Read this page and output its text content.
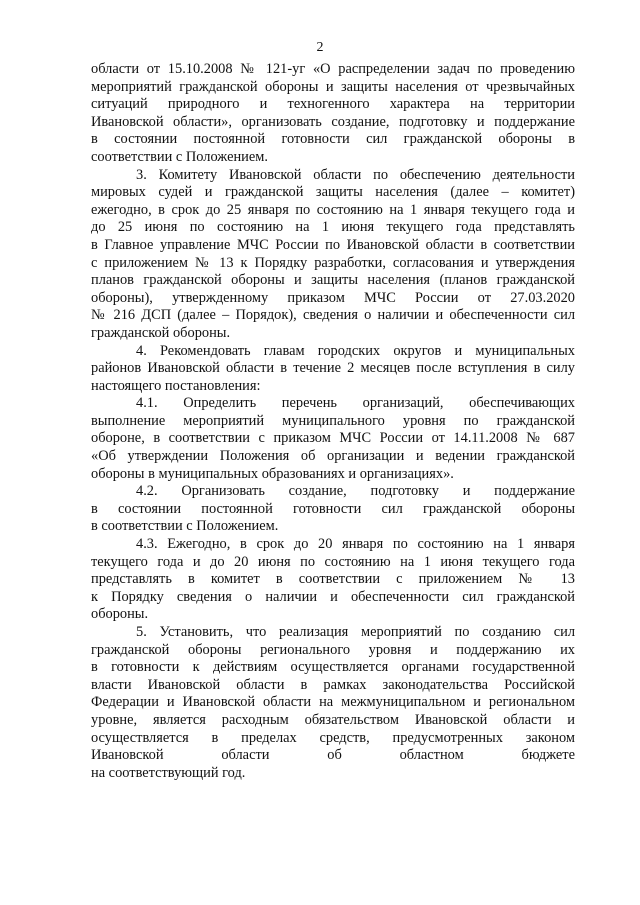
2
области от 15.10.2008 № 121-уг «О распределении задач по проведению
мероприятий гражданской обороны и защиты населения от чрезвычайных
ситуаций природного и техногенного характера на территории
Ивановской области», организовать создание, подготовку и поддержание
в состоянии постоянной готовности сил гражданской обороны в
соответствии с Положением.
3. Комитету Ивановской области по обеспечению деятельности
мировых судей и гражданской защиты населения (далее – комитет)
ежегодно, в срок до 25 января по состоянию на 1 января текущего года и
до 25 июня по состоянию на 1 июня текущего года представлять
в Главное управление МЧС России по Ивановской области в соответствии
с приложением № 13 к Порядку разработки, согласования и утверждения
планов гражданской обороны и защиты населения (планов гражданской
обороны), утвержденному приказом МЧС России от 27.03.2020
№ 216 ДСП (далее – Порядок), сведения о наличии и обеспеченности сил
гражданской обороны.
4. Рекомендовать главам городских округов и муниципальных
районов Ивановской области в течение 2 месяцев после вступления в силу
настоящего постановления:
4.1. Определить перечень организаций, обеспечивающих
выполнение мероприятий муниципального уровня по гражданской
обороне, в соответствии с приказом МЧС России от 14.11.2008 № 687
«Об утверждении Положения об организации и ведении гражданской
обороны в муниципальных образованиях и организациях».
4.2. Организовать создание, подготовку и поддержание
в состоянии постоянной готовности сил гражданской обороны
в соответствии с Положением.
4.3. Ежегодно, в срок до 20 января по состоянию на 1 января
текущего года и до 20 июня по состоянию на 1 июня текущего года
представлять в комитет в соответствии с приложением № 13
к Порядку сведения о наличии и обеспеченности сил гражданской
обороны.
5. Установить, что реализация мероприятий по созданию сил
гражданской обороны регионального уровня и поддержанию их
в готовности к действиям осуществляется органами государственной
власти Ивановской области в рамках законодательства Российской
Федерации и Ивановской области на межмуниципальном и региональном
уровне, является расходным обязательством Ивановской области и
осуществляется в пределах средств, предусмотренных законом
Ивановской области об областном бюджете
на соответствующий год.
